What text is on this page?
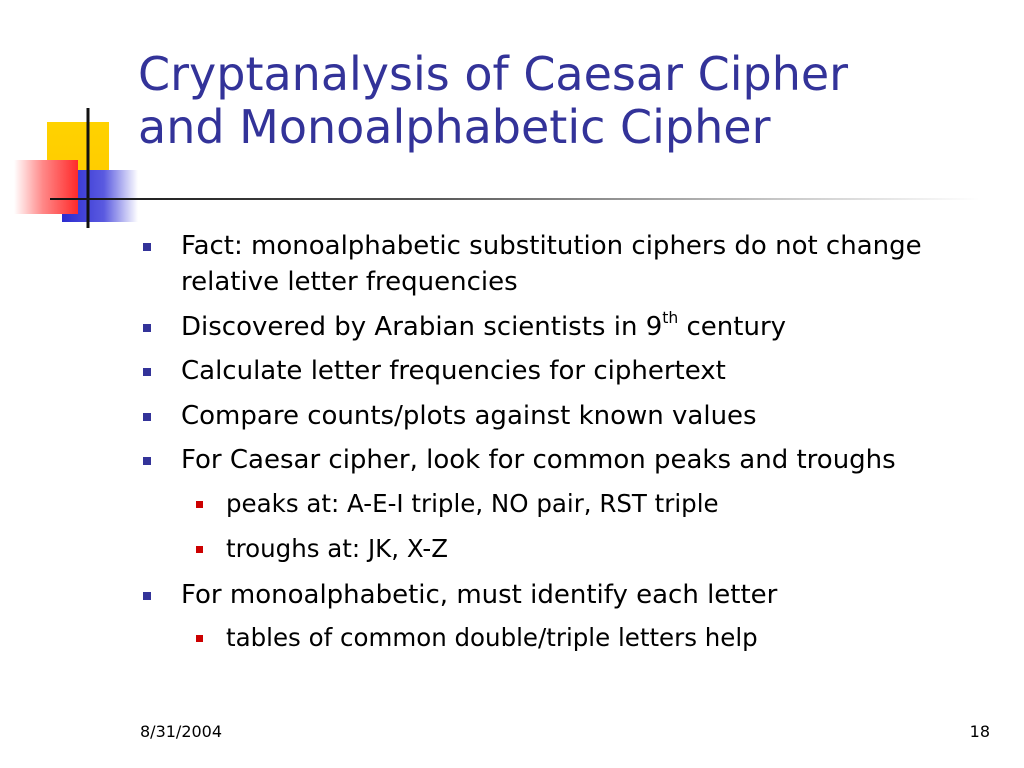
Cryptanalysis of Caesar Cipher
and Monoalphabetic Cipher
Fact: monoalphabetic substitution ciphers do not change relative letter frequencies
Discovered by Arabian scientists in 9th century
Calculate letter frequencies for ciphertext
Compare counts/plots against known values
For Caesar cipher, look for common peaks and troughs
peaks at: A-E-I triple, NO pair, RST triple
troughs at: JK, X-Z
For monoalphabetic, must identify each letter
tables of common double/triple letters help
8/31/2004	18
